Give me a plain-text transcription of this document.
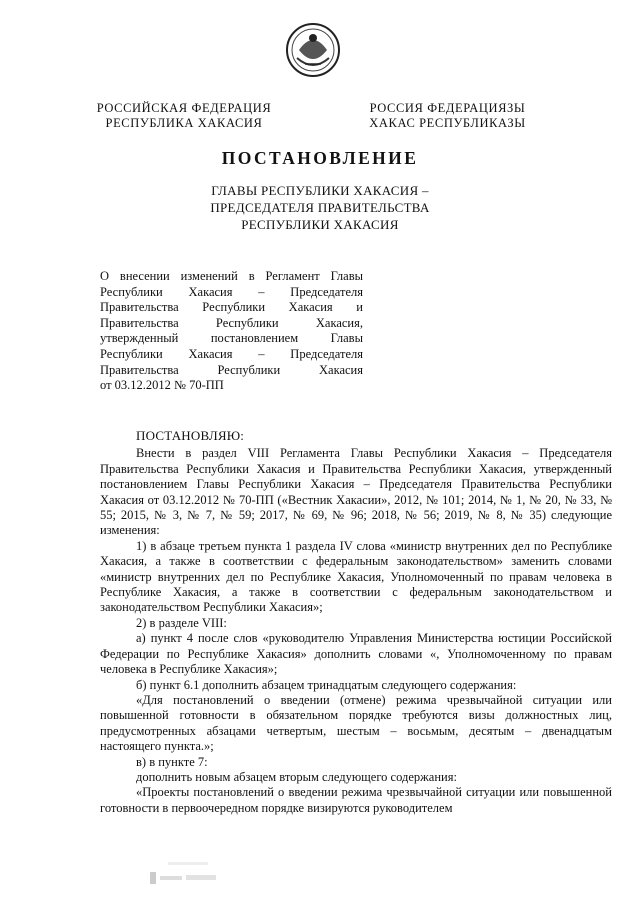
РОССИЙСКАЯ ФЕДЕРАЦИЯ
РЕСПУБЛИКА ХАКАСИЯ
РОССИЯ ФЕДЕРАЦИЯЗЫ
ХАКАС РЕСПУБЛИКАЗЫ
ПОСТАНОВЛЕНИЕ
ГЛАВЫ РЕСПУБЛИКИ ХАКАСИЯ –
ПРЕДСЕДАТЕЛЯ ПРАВИТЕЛЬСТВА
РЕСПУБЛИКИ ХАКАСИЯ
О внесении изменений в Регламент Главы
Республики Хакасия – Председателя
Правительства Республики Хакасия и
Правительства Республики Хакасия,
утвержденный постановлением Главы
Республики Хакасия – Председателя
Правительства Республики Хакасия
от 03.12.2012 № 70-ПП

ПОСТАНОВЛЯЮ:

Внести в раздел VIII Регламента Главы Республики Хакасия – Председателя Правительства Республики Хакасия и Правительства Республики Хакасия, утвержденный постановлением Главы Республики Хакасия – Председателя Правительства Республики Хакасия от 03.12.2012 № 70-ПП («Вестник Хакасии», 2012, № 101; 2014, № 1, № 20, № 33, № 55; 2015, № 3, № 7, № 59; 2017, № 69, № 96; 2018, № 56; 2019, № 8, № 35) следующие изменения:

1) в абзаце третьем пункта 1 раздела IV слова «министр внутренних дел по Республике Хакасия, а также в соответствии с федеральным законодательством» заменить словами «министр внутренних дел по Республике Хакасия, Уполномоченный по правам человека в Республике Хакасия, а также в соответствии с федеральным законодательством и законодательством Республики Хакасия»;

2) в разделе VIII:

а) пункт 4 после слов «руководителю Управления Министерства юстиции Российской Федерации по Республике Хакасия» дополнить словами «, Уполномоченному по правам человека в Республике Хакасия»;

б) пункт 6.1 дополнить абзацем тринадцатым следующего содержания:

«Для постановлений о введении (отмене) режима чрезвычайной ситуации или повышенной готовности в обязательном порядке требуются визы должностных лиц, предусмотренных абзацами четвертым, шестым – восьмым, десятым – двенадцатым настоящего пункта.»;

в) в пункте 7:

дополнить новым абзацем вторым следующего содержания:

«Проекты постановлений о введении режима чрезвычайной ситуации или повышенной готовности в первоочередном порядке визируются руководителем
